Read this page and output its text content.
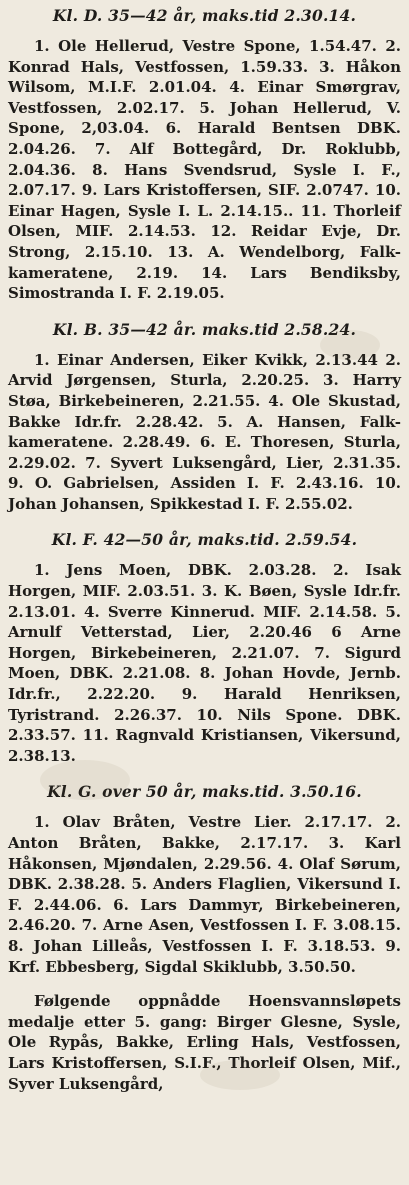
Kl. D. 35—42 år, maks.tid 2.30.14.
1. Ole Hellerud, Vestre Spone, 1.54.47. 2. Konrad Hals, Vestfossen, 1.59.33. 3. Håkon Wilsom, M.I.F. 2.01.04. 4. Einar Smørgrav, Vestfossen, 2.02.17. 5. Johan Hellerud, V. Spone, 2,03.04. 6. Harald Bentsen DBK. 2.04.26. 7. Alf Bottegård, Dr. Roklubb, 2.04.36. 8. Hans Svendsrud, Sysle I. F., 2.07.17. 9. Lars Kristoffersen, SIF. 2.0747. 10. Einar Hagen, Sysle I. L. 2.14.15.. 11. Thorleif Olsen, MIF. 2.14.53. 12. Reidar Evje, Dr. Strong, 2.15.10. 13. A. Wendelborg, Falk-kameratene, 2.19. 14. Lars Bendiksby, Simostranda I. F. 2.19.05.
Kl. B. 35—42 år. maks.tid 2.58.24.
1. Einar Andersen, Eiker Kvikk, 2.13.44 2. Arvid Jørgensen, Sturla, 2.20.25. 3. Harry Støa, Birkebeineren, 2.21.55. 4. Ole Skustad, Bakke Idr.fr. 2.28.42. 5. A. Hansen, Falk-kameratene. 2.28.49. 6. E. Thoresen, Sturla, 2.29.02. 7. Syvert Luksengård, Lier, 2.31.35. 9. O. Gabrielsen, Assiden I. F. 2.43.16. 10. Johan Johansen, Spikkestad I. F. 2.55.02.
Kl. F. 42—50 år, maks.tid. 2.59.54.
1. Jens Moen, DBK. 2.03.28. 2. Isak Horgen, MIF. 2.03.51. 3. K. Bøen, Sysle Idr.fr. 2.13.01. 4. Sverre Kinnerud. MIF. 2.14.58. 5. Arnulf Vetterstad, Lier, 2.20.46 6 Arne Horgen, Birkebeineren, 2.21.07. 7. Sigurd Moen, DBK. 2.21.08. 8. Johan Hovde, Jernb. Idr.fr., 2.22.20. 9. Harald Henriksen, Tyristrand. 2.26.37. 10. Nils Spone. DBK. 2.33.57. 11. Ragnvald Kristiansen, Vikersund, 2.38.13.
Kl. G. over 50 år, maks.tid. 3.50.16.
1. Olav Bråten, Vestre Lier. 2.17.17. 2. Anton Bråten, Bakke, 2.17.17. 3. Karl Håkonsen, Mjøndalen, 2.29.56. 4. Olaf Sørum, DBK. 2.38.28. 5. Anders Flaglien, Vikersund I. F. 2.44.06. 6. Lars Dammyr, Birkebeineren, 2.46.20. 7. Arne Asen, Vestfossen I. F. 3.08.15. 8. Johan Lilleås, Vestfossen I. F. 3.18.53. 9. Krf. Ebbesberg, Sigdal Skiklubb, 3.50.50.
Følgende oppnådde Hoensvannsløpets medalje etter 5. gang: Birger Glesne, Sysle, Ole Rypås, Bakke, Erling Hals, Vestfossen, Lars Kristoffersen, S.I.F., Thorleif Olsen, Mif., Syver Luksengård,
